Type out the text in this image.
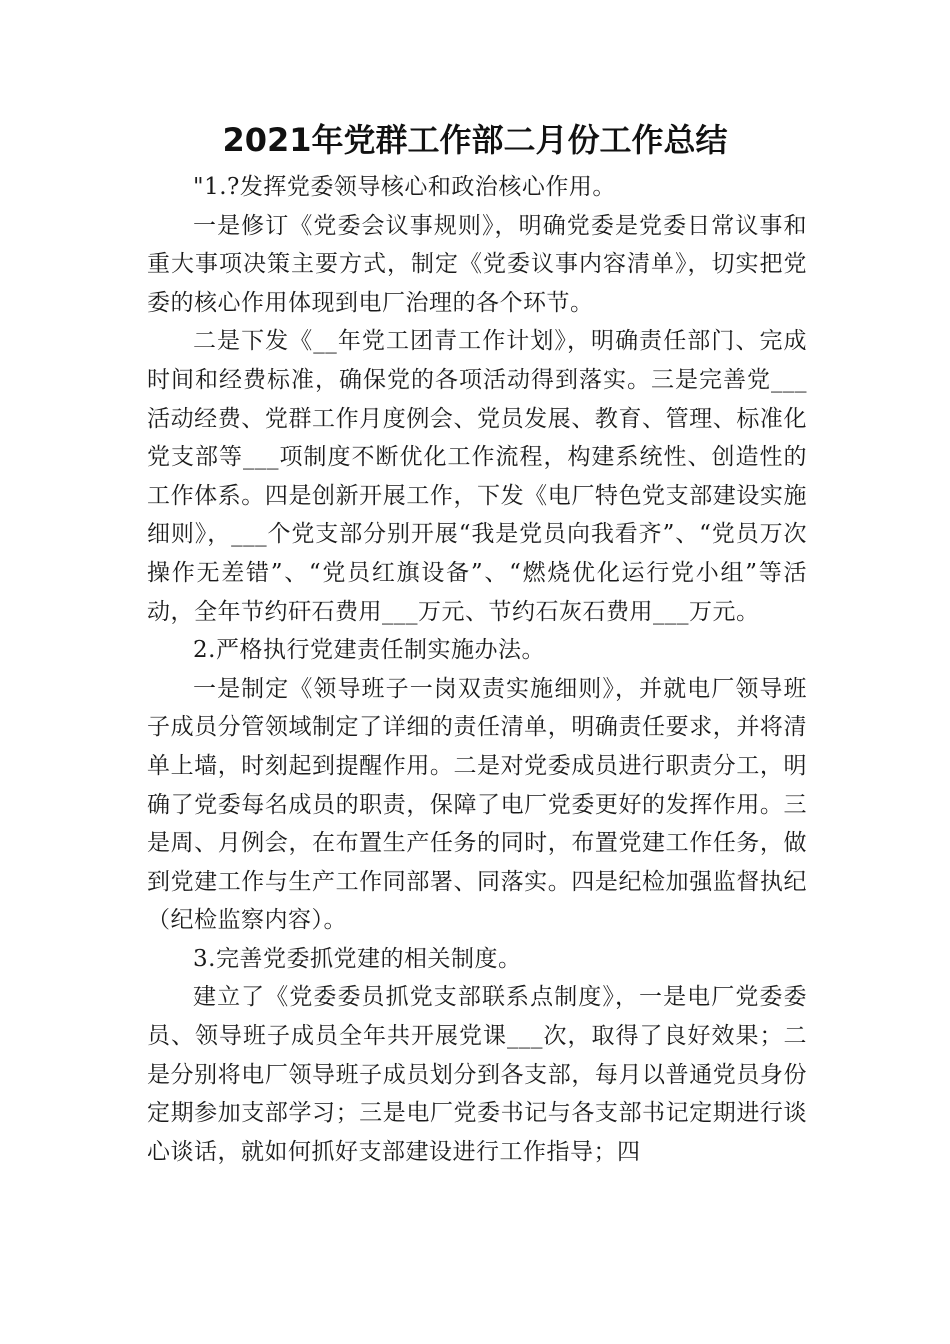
2021年党群工作部二月份工作总结

"1.?发挥党委领导核心和政治核心作用。

一是修订《党委会议事规则》，明确党委是党委日常议事和重大事项决策主要方式，制定《党委议事内容清单》，切实把党委的核心作用体现到电厂治理的各个环节。

二是下发《__年党工团青工作计划》，明确责任部门、完成时间和经费标准，确保党的各项活动得到落实。三是完善党___活动经费、党群工作月度例会、党员发展、教育、管理、标准化党支部等___项制度不断优化工作流程，构建系统性、创造性的工作体系。四是创新开展工作，下发《电厂特色党支部建设实施细则》，___个党支部分别开展“我是党员向我看齐”、“党员万次操作无差错”、“党员红旗设备”、“燃烧优化运行党小组”等活动，全年节约矸石费用___万元、节约石灰石费用___万元。

2.严格执行党建责任制实施办法。

一是制定《领导班子一岗双责实施细则》，并就电厂领导班子成员分管领域制定了详细的责任清单，明确责任要求，并将清单上墙，时刻起到提醒作用。二是对党委成员进行职责分工，明确了党委每名成员的职责，保障了电厂党委更好的发挥作用。三是周、月例会，在布置生产任务的同时，布置党建工作任务，做到党建工作与生产工作同部署、同落实。四是纪检加强监督执纪（纪检监察内容）。

3.完善党委抓党建的相关制度。

建立了《党委委员抓党支部联系点制度》，一是电厂党委委员、领导班子成员全年共开展党课___次，取得了良好效果；二是分别将电厂领导班子成员划分到各支部，每月以普通党员身份定期参加支部学习；三是电厂党委书记与各支部书记定期进行谈心谈话，就如何抓好支部建设进行工作指导；四
